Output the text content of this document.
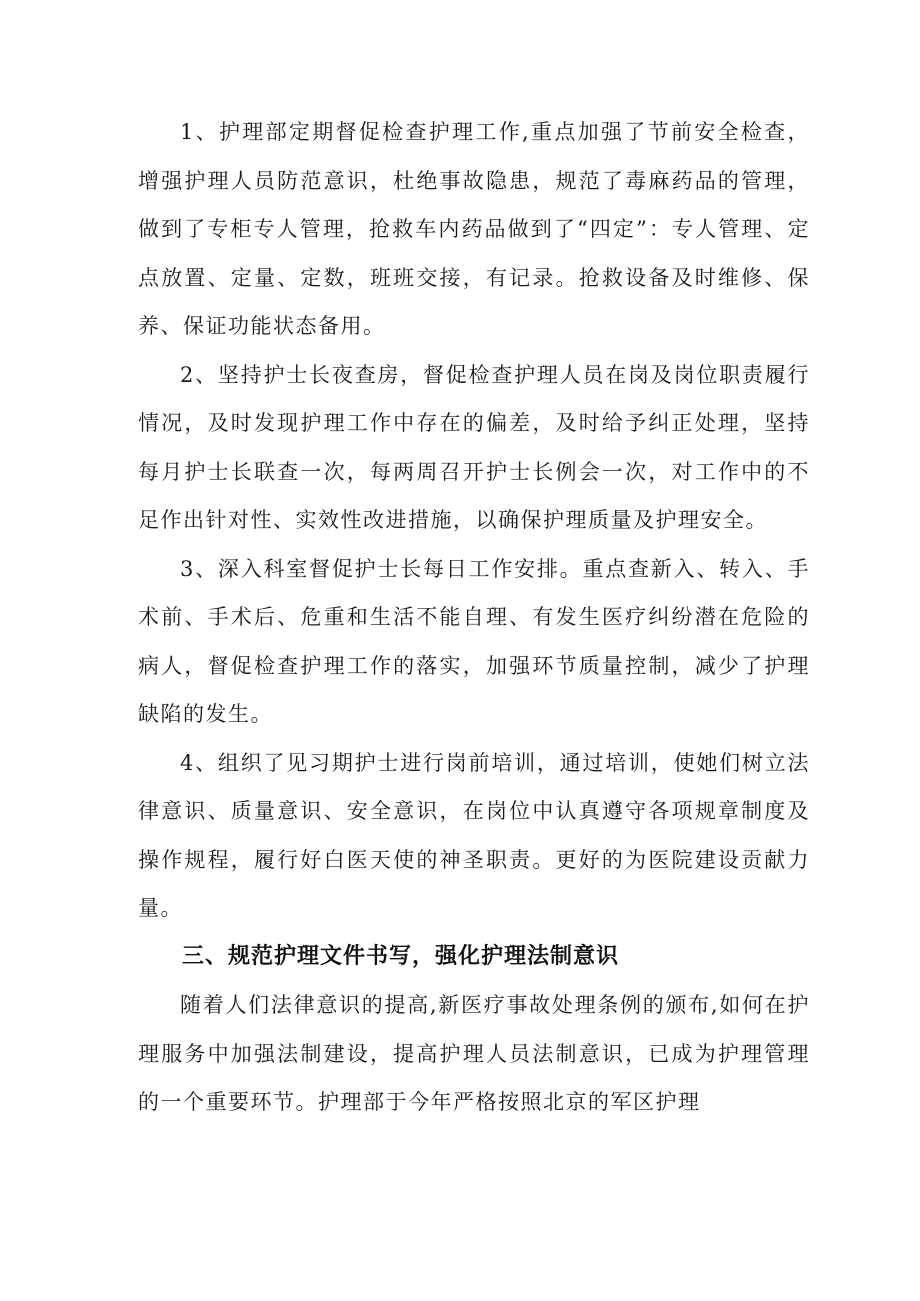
1、护理部定期督促检查护理工作,重点加强了节前安全检查，增强护理人员防范意识，杜绝事故隐患，规范了毒麻药品的管理，做到了专柜专人管理，抢救车内药品做到了“四定”：专人管理、定点放置、定量、定数，班班交接，有记录。抢救设备及时维修、保养、保证功能状态备用。

2、坚持护士长夜查房，督促检查护理人员在岗及岗位职责履行情况，及时发现护理工作中存在的偏差，及时给予纠正处理，坚持每月护士长联查一次，每两周召开护士长例会一次，对工作中的不足作出针对性、实效性改进措施，以确保护理质量及护理安全。

3、深入科室督促护士长每日工作安排。重点查新入、转入、手术前、手术后、危重和生活不能自理、有发生医疗纠纷潜在危险的病人，督促检查护理工作的落实，加强环节质量控制，减少了护理缺陷的发生。

4、组织了见习期护士进行岗前培训，通过培训，使她们树立法律意识、质量意识、安全意识，在岗位中认真遵守各项规章制度及操作规程，履行好白医天使的神圣职责。更好的为医院建设贡献力量。

三、规范护理文件书写，强化护理法制意识

随着人们法律意识的提高,新医疗事故处理条例的颁布,如何在护理服务中加强法制建设，提高护理人员法制意识，已成为护理管理的一个重要环节。护理部于今年严格按照北京的军区护理
